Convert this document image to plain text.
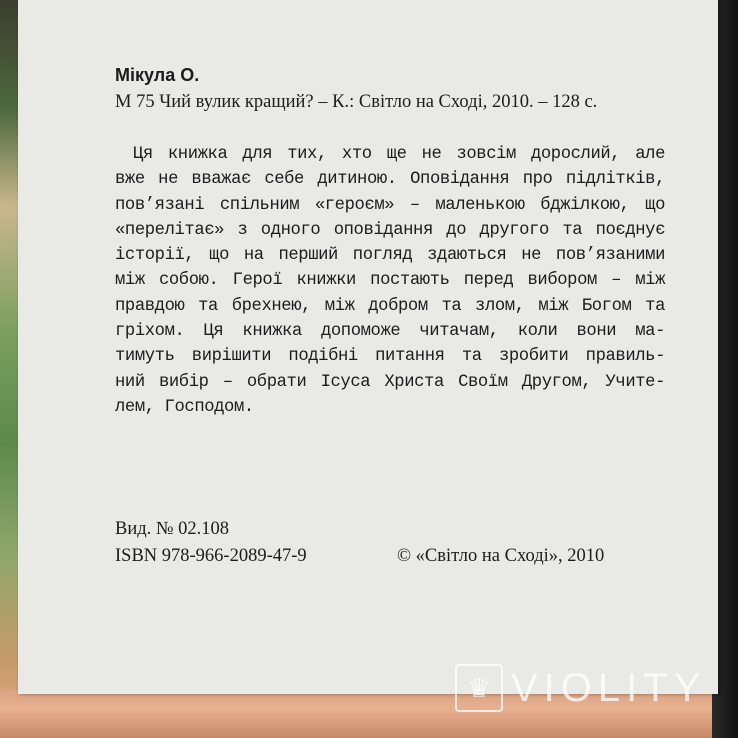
Мікула О.
М 75 Чий вулик кращий? – К.: Світло на Сході, 2010. – 128 с.
Ця книжка для тих, хто ще не зовсім дорослий, але
вже не вважає себе дитиною. Оповідання про підлітків,
пов’язані спільним «героєм» – маленькою бджілкою, що
«перелітає» з одного оповідання до другого та поєднує
історії, що на перший погляд здаються не пов’язаними
між собою. Герої книжки постають перед вибором – між
правдою та брехнею, між добром та злом, між Богом та
гріхом. Ця книжка допоможе читачам, коли вони ма-
тимуть вирішити подібні питання та зробити правиль-
ний вибір – обрати Ісуса Христа Своїм Другом, Учите-
лем, Господом.
Вид. № 02.108
ISBN 978-966-2089-47-9	© «Світло на Сході», 2010
♛ VIOLITY
